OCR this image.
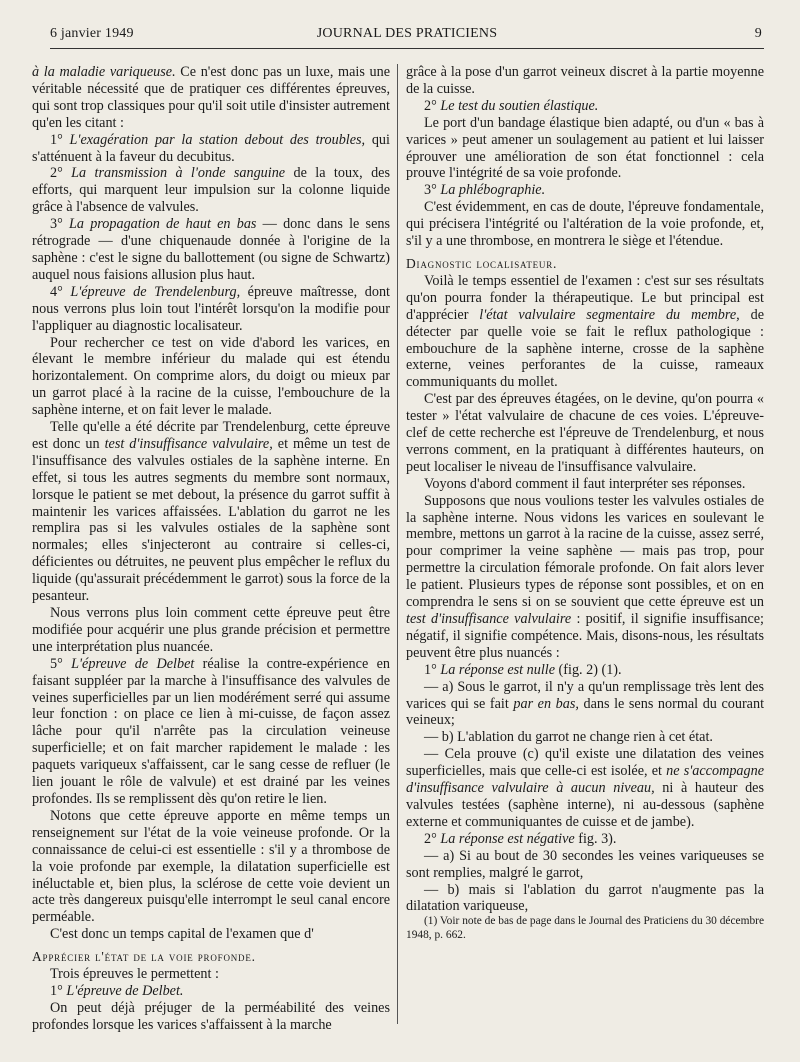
6 janvier 1949	JOURNAL DES PRATICIENS	9

à la maladie variqueuse. Ce n'est donc pas un luxe, mais une véritable nécessité que de pratiquer ces différentes épreuves, qui sont trop classiques pour qu'il soit utile d'insister autrement qu'en les citant :

1° L'exagération par la station debout des troubles, qui s'atténuent à la faveur du decubitus.

2° La transmission à l'onde sanguine de la toux, des efforts, qui marquent leur impulsion sur la colonne liquide grâce à l'absence de valvules.

3° La propagation de haut en bas — donc dans le sens rétrograde — d'une chiquenaude donnée à l'origine de la saphène : c'est le signe du ballottement (ou signe de Schwartz) auquel nous faisions allusion plus haut.

4° L'épreuve de Trendelenburg, épreuve maîtresse, dont nous verrons plus loin tout l'intérêt lorsqu'on la modifie pour l'appliquer au diagnostic localisateur.

Pour rechercher ce test on vide d'abord les varices, en élevant le membre inférieur du malade qui est étendu horizontalement. On comprime alors, du doigt ou mieux par un garrot placé à la racine de la cuisse, l'embouchure de la saphène interne, et on fait lever le malade.

Telle qu'elle a été décrite par Trendelenburg, cette épreuve est donc un test d'insuffisance valvulaire, et même un test de l'insuffisance des valvules ostiales de la saphène interne. En effet, si tous les autres segments du membre sont normaux, lorsque le patient se met debout, la présence du garrot suffit à maintenir les varices affaissées. L'ablation du garrot ne les remplira pas si les valvules ostiales de la saphène sont normales; elles s'injecteront au contraire si celles-ci, déficientes ou détruites, ne peuvent plus empêcher le reflux du liquide (qu'assurait précédemment le garrot) sous la force de la pesanteur.

Nous verrons plus loin comment cette épreuve peut être modifiée pour acquérir une plus grande précision et permettre une interprétation plus nuancée.

5° L'épreuve de Delbet réalise la contre-expérience en faisant suppléer par la marche à l'insuffisance des valvules de veines superficielles par un lien modérément serré qui assume leur fonction : on place ce lien à mi-cuisse, de façon assez lâche pour qu'il n'arrête pas la circulation veineuse superficielle; et on fait marcher rapidement le malade : les paquets variqueux s'affaissent, car le sang cesse de refluer (le lien jouant le rôle de valvule) et est drainé par les veines profondes. Ils se remplissent dès qu'on retire le lien.

Notons que cette épreuve apporte en même temps un renseignement sur l'état de la voie veineuse profonde. Or la connaissance de celui-ci est essentielle : s'il y a thrombose de la voie profonde par exemple, la dilatation superficielle est inéluctable et, bien plus, la sclérose de cette voie devient un acte très dangereux puisqu'elle interrompt le seul canal encore perméable.

C'est donc un temps capital de l'examen que d'

Apprécier l'état de la voie profonde.

Trois épreuves le permettent :

1° L'épreuve de Delbet.

On peut déjà préjuger de la perméabilité des veines profondes lorsque les varices s'affaissent à la marche

grâce à la pose d'un garrot veineux discret à la partie moyenne de la cuisse.

2° Le test du soutien élastique.

Le port d'un bandage élastique bien adapté, ou d'un « bas à varices » peut amener un soulagement au patient et lui laisser éprouver une amélioration de son état fonctionnel : cela prouve l'intégrité de sa voie profonde.

3° La phlébographie.

C'est évidemment, en cas de doute, l'épreuve fondamentale, qui précisera l'intégrité ou l'altération de la voie profonde, et, s'il y a une thrombose, en montrera le siège et l'étendue.

Diagnostic localisateur.

Voilà le temps essentiel de l'examen : c'est sur ses résultats qu'on pourra fonder la thérapeutique. Le but principal est d'apprécier l'état valvulaire segmentaire du membre, de détecter par quelle voie se fait le reflux pathologique : embouchure de la saphène interne, crosse de la saphène externe, veines perforantes de la cuisse, rameaux communiquants du mollet.

C'est par des épreuves étagées, on le devine, qu'on pourra « tester » l'état valvulaire de chacune de ces voies. L'épreuve-clef de cette recherche est l'épreuve de Trendelenburg, et nous verrons comment, en la pratiquant à différentes hauteurs, on peut localiser le niveau de l'insuffisance valvulaire.

Voyons d'abord comment il faut interpréter ses réponses.

Supposons que nous voulions tester les valvules ostiales de la saphène interne. Nous vidons les varices en soulevant le membre, mettons un garrot à la racine de la cuisse, assez serré, pour comprimer la veine saphène — mais pas trop, pour permettre la circulation fémorale profonde. On fait alors lever le patient. Plusieurs types de réponse sont possibles, et on en comprendra le sens si on se souvient que cette épreuve est un test d'insuffisance valvulaire : positif, il signifie insuffisance; négatif, il signifie compétence. Mais, disons-nous, les résultats peuvent être plus nuancés :

1° La réponse est nulle (fig. 2) (1).

— a) Sous le garrot, il n'y a qu'un remplissage très lent des varices qui se fait par en bas, dans le sens normal du courant veineux;

— b) L'ablation du garrot ne change rien à cet état.

— Cela prouve (c) qu'il existe une dilatation des veines superficielles, mais que celle-ci est isolée, et ne s'accompagne d'insuffisance valvulaire à aucun niveau, ni à hauteur des valvules testées (saphène interne), ni au-dessous (saphène externe et communiquantes de cuisse et de jambe).

2° La réponse est négative fig. 3).

— a) Si au bout de 30 secondes les veines variqueuses se sont remplies, malgré le garrot,

— b) mais si l'ablation du garrot n'augmente pas la dilatation variqueuse,

(1) Voir note de bas de page dans le Journal des Praticiens du 30 décembre 1948, p. 662.
